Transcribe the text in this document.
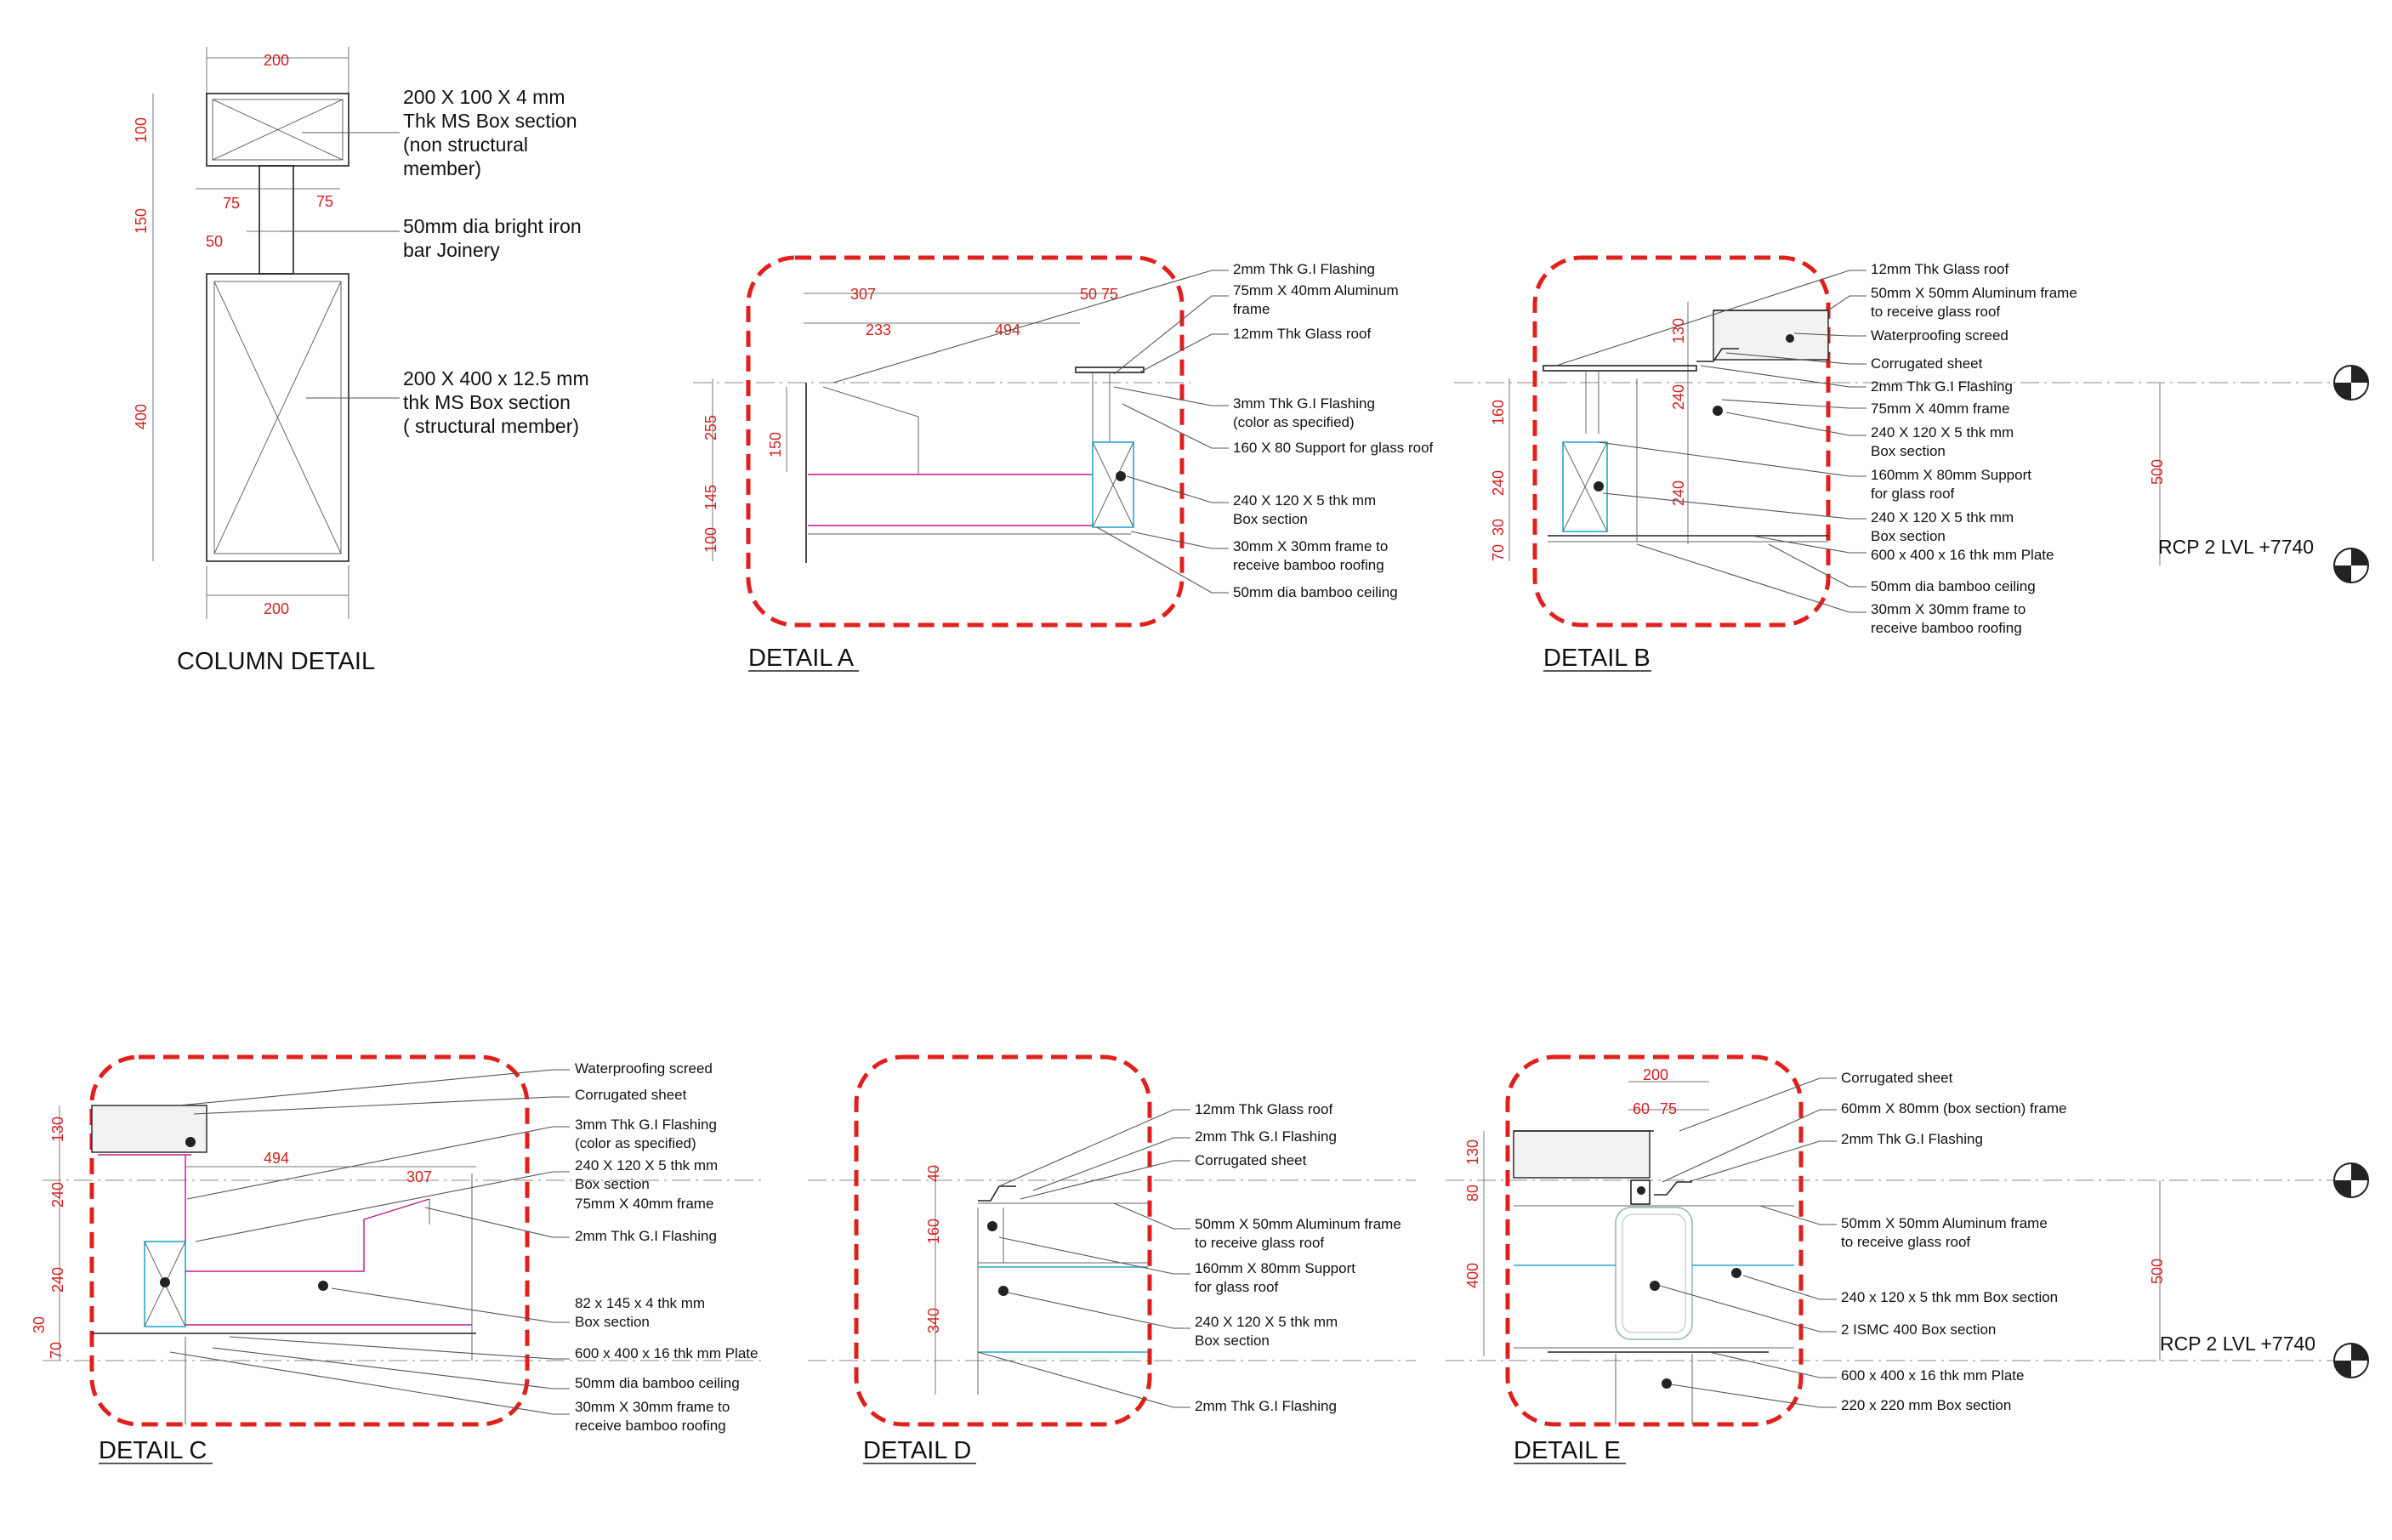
200
100
150
400
75	75
50
200
200 X 100 X 4 mm Thk MS Box section (non structural member)
50mm dia bright iron bar Joinery
200 X 400 x 12.5 mm thk MS Box section ( structural member)
COLUMN DETAIL
307	50 75
233	494
255
145
100
150
2mm Thk G.I Flashing
75mm X 40mm Aluminum frame
12mm Thk Glass roof
3mm Thk G.I Flashing (color as specified)
160 X 80 Support for glass roof
240 X 120 X 5 thk mm Box section
30mm X 30mm frame to receive bamboo roofing
50mm dia bamboo ceiling
DETAIL A
160
240
30
70
130
240
240
500
12mm Thk Glass roof
50mm X 50mm Aluminum frame to receive glass roof
Waterproofing screed
Corrugated sheet
2mm Thk G.I Flashing
75mm X 40mm frame
240 X 120 X 5 thk mm Box section
160mm X 80mm Support for glass roof
240 X 120 X 5 thk mm Box section
600 x 400 x 16 thk mm Plate
50mm dia bamboo ceiling
30mm X 30mm frame to receive bamboo roofing
RCP 2 LVL +7740
DETAIL B
130
240
240
30
70
494
307
Waterproofing screed
Corrugated sheet
3mm Thk G.I Flashing (color as specified)
240 X 120 X 5 thk mm Box section
75mm X 40mm frame
2mm Thk G.I Flashing
82 x 145 x 4 thk mm Box section
600 x 400 x 16 thk mm Plate
50mm dia bamboo ceiling
30mm X 30mm frame to receive bamboo roofing
DETAIL C
40
160
340
12mm Thk Glass roof
2mm Thk G.I Flashing
Corrugated sheet
50mm X 50mm Aluminum frame to receive glass roof
160mm X 80mm Support for glass roof
240 X 120 X 5 thk mm Box section
2mm Thk G.I Flashing
DETAIL D
200
60 75
130
80
400	500
Corrugated sheet
60mm X 80mm (box section) frame
2mm Thk G.I Flashing
50mm X 50mm Aluminum frame to receive glass roof
240 x 120 x 5 thk mm Box section
2 ISMC 400 Box section
600 x 400 x 16 thk mm Plate
220 x 220 mm Box section
RCP 2 LVL +7740
DETAIL E
